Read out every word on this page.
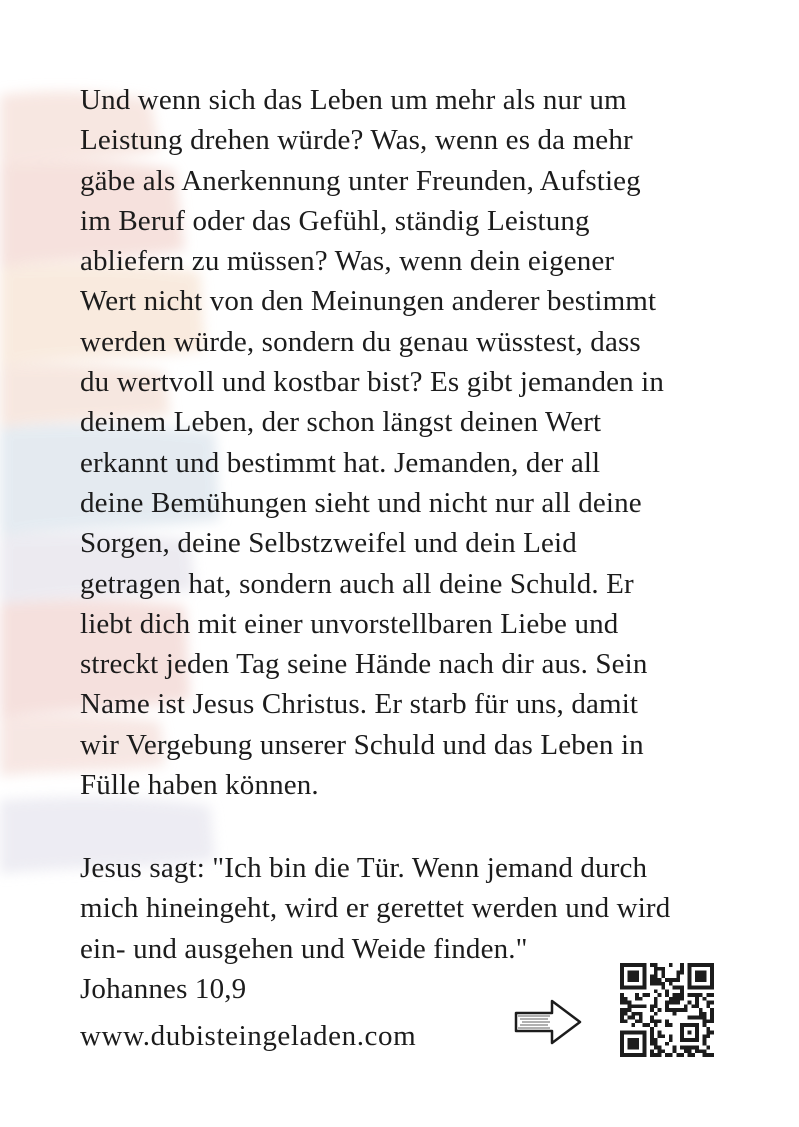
Und wenn sich das Leben um mehr als nur um
Leistung drehen würde? Was, wenn es da mehr
gäbe als Anerkennung unter Freunden, Aufstieg
im Beruf oder das Gefühl, ständig Leistung
abliefern zu müssen? Was, wenn dein eigener
Wert nicht von den Meinungen anderer bestimmt
werden würde, sondern du genau wüsstest, dass
du wertvoll und kostbar bist? Es gibt jemanden in
deinem Leben, der schon längst deinen Wert
erkannt und bestimmt hat. Jemanden, der all
deine Bemühungen sieht und nicht nur all deine
Sorgen, deine Selbstzweifel und dein Leid
getragen hat, sondern auch all deine Schuld. Er
liebt dich mit einer unvorstellbaren Liebe und
streckt jeden Tag seine Hände nach dir aus. Sein
Name ist Jesus Christus. Er starb für uns, damit
wir Vergebung unserer Schuld und das Leben in
Fülle haben können.

Jesus sagt: "Ich bin die Tür. Wenn jemand durch
mich hineingeht, wird er gerettet werden und wird
ein- und ausgehen und Weide finden."
Johannes 10,9

www.dubisteingeladen.com
